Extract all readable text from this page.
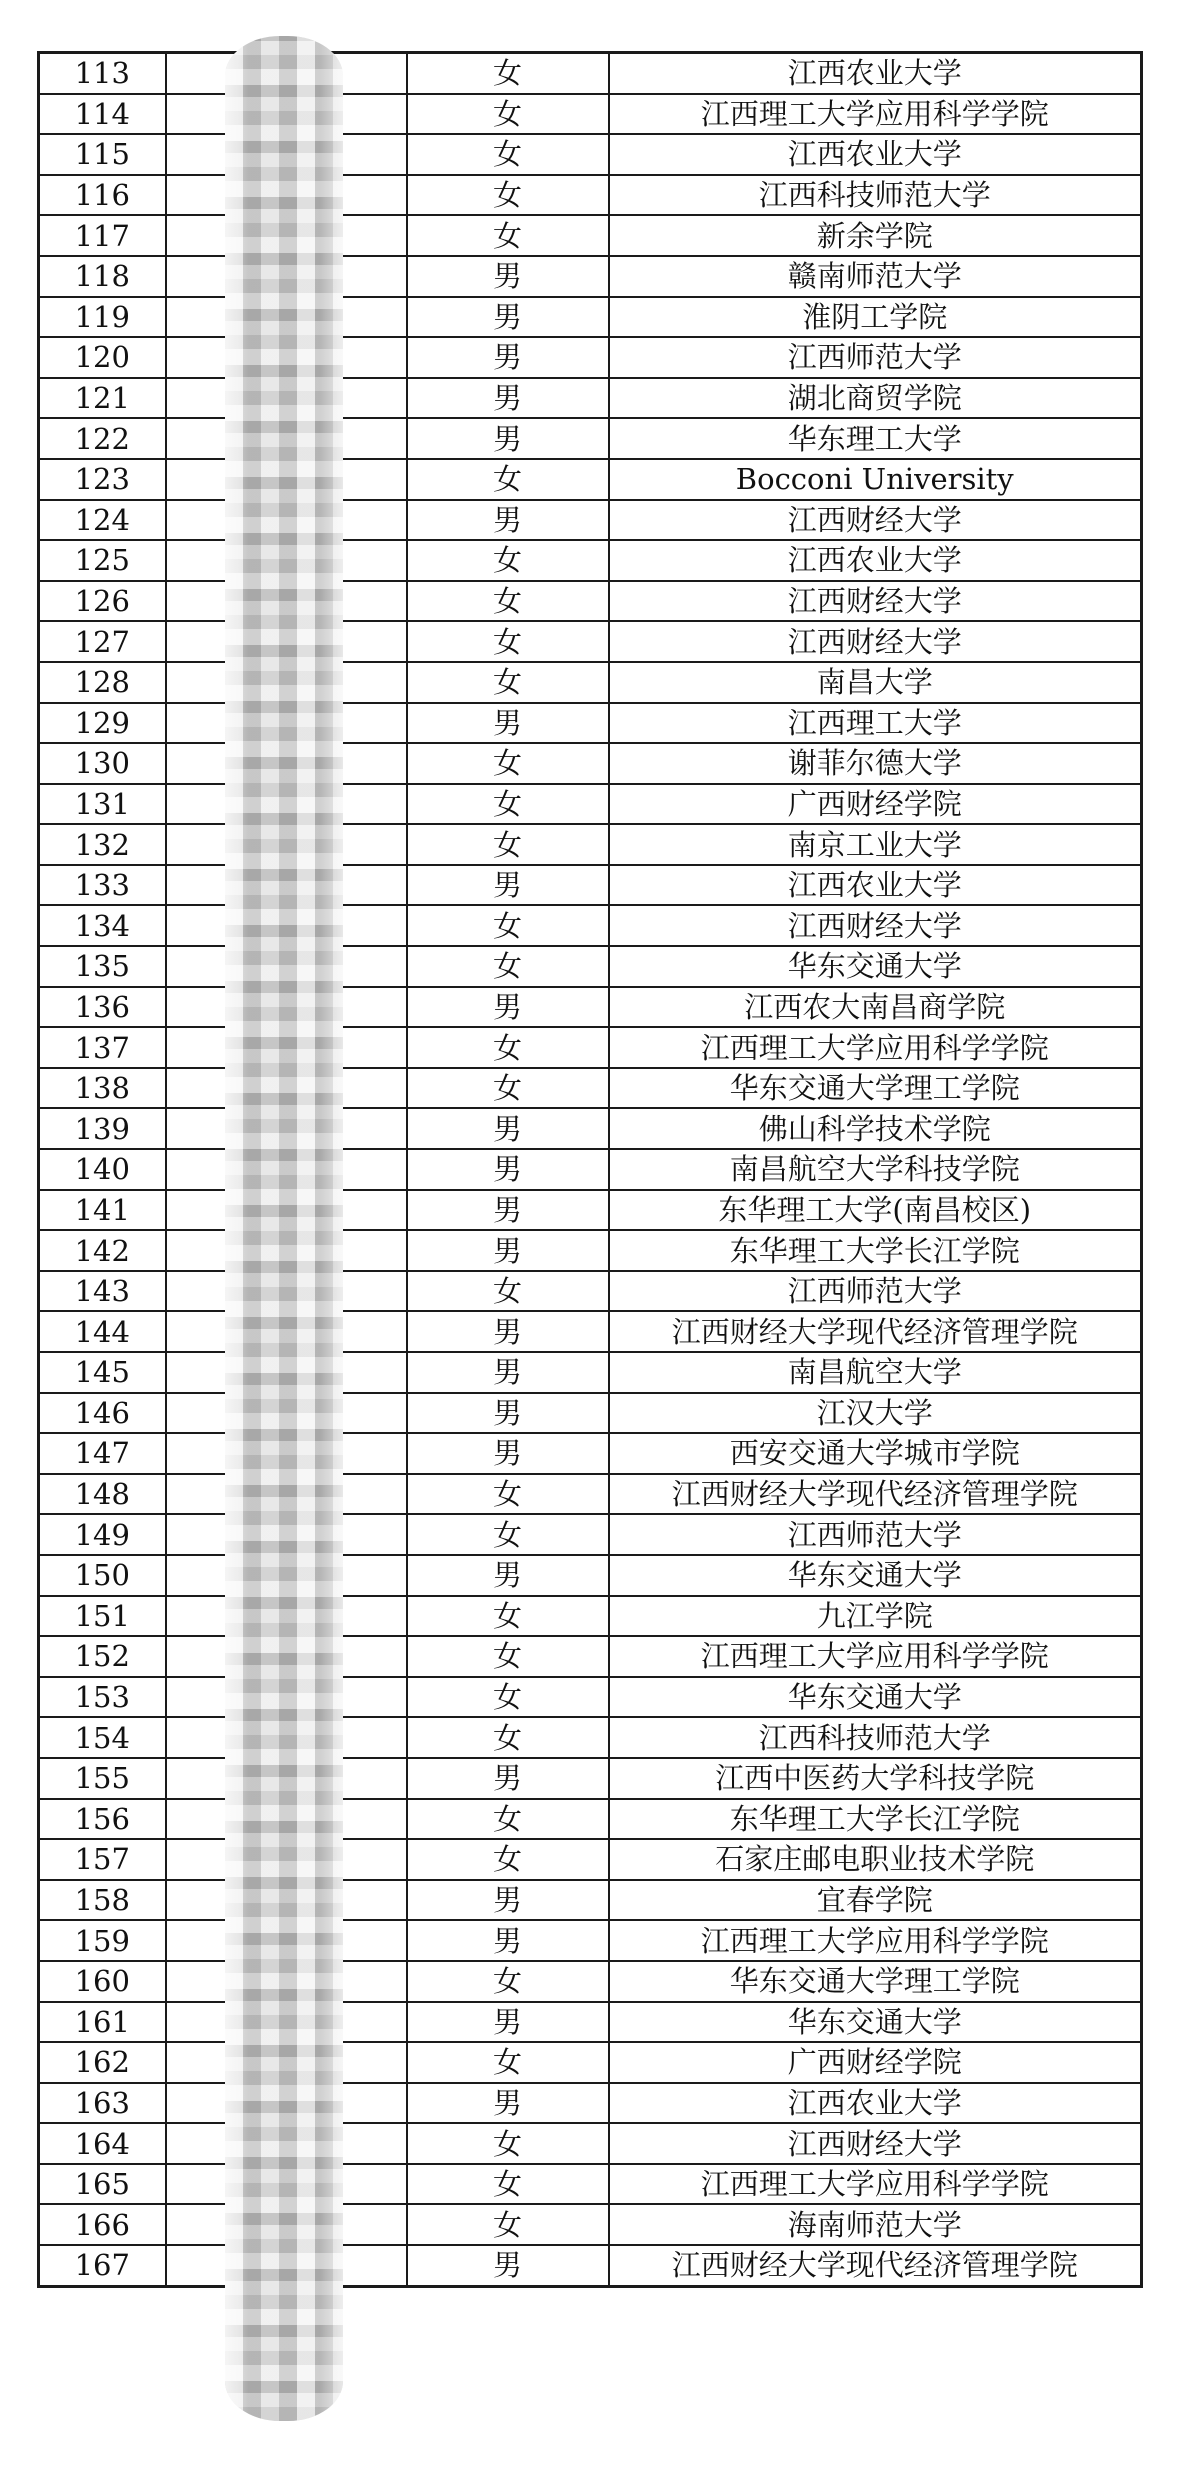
113		女	江西农业大学
114		女	江西理工大学应用科学学院
115		女	江西农业大学
116		女	江西科技师范大学
117		女	新余学院
118		男	赣南师范大学
119		男	淮阴工学院
120		男	江西师范大学
121		男	湖北商贸学院
122		男	华东理工大学
123		女	Bocconi University
124		男	江西财经大学
125		女	江西农业大学
126		女	江西财经大学
127		女	江西财经大学
128		女	南昌大学
129		男	江西理工大学
130		女	谢菲尔德大学
131		女	广西财经学院
132		女	南京工业大学
133		男	江西农业大学
134		女	江西财经大学
135		女	华东交通大学
136		男	江西农大南昌商学院
137		女	江西理工大学应用科学学院
138		女	华东交通大学理工学院
139		男	佛山科学技术学院
140		男	南昌航空大学科技学院
141		男	东华理工大学(南昌校区)
142		男	东华理工大学长江学院
143		女	江西师范大学
144		男	江西财经大学现代经济管理学院
145		男	南昌航空大学
146		男	江汉大学
147		男	西安交通大学城市学院
148		女	江西财经大学现代经济管理学院
149		女	江西师范大学
150		男	华东交通大学
151		女	九江学院
152		女	江西理工大学应用科学学院
153		女	华东交通大学
154		女	江西科技师范大学
155		男	江西中医药大学科技学院
156		女	东华理工大学长江学院
157		女	石家庄邮电职业技术学院
158		男	宜春学院
159		男	江西理工大学应用科学学院
160		女	华东交通大学理工学院
161		男	华东交通大学
162		女	广西财经学院
163		男	江西农业大学
164		女	江西财经大学
165		女	江西理工大学应用科学学院
166		女	海南师范大学
167		男	江西财经大学现代经济管理学院
